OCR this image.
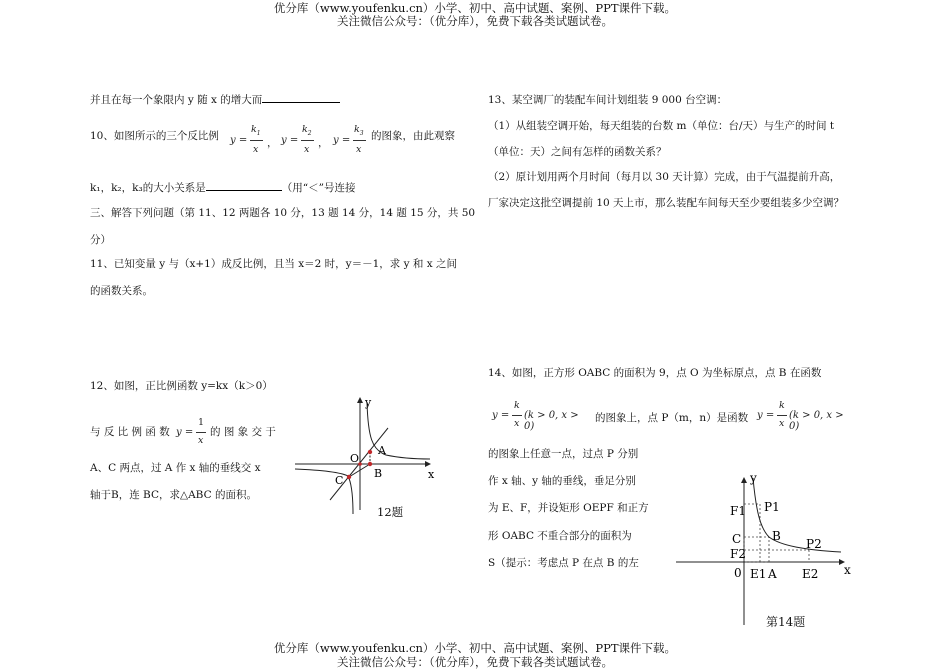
优分库（www.youfenku.cn）小学、初中、高中试题、案例、PPT课件下载。
关注微信公众号：（优分库），免费下载各类试题试卷。
并且在每一个象限内 y 随 x 的增大而
10、如图所示的三个反比例 y =
$k_1$
x
， y =
$k_2$
x
， y =
$k_3$
x
的图象，由此观察
k₁，k₂，k₃的大小关系是	（用“＜”号连接
三、解答下列问题（第 11、12 两题各 10 分，13 题 14 分，14 题 15 分，共 50
分）
11、已知变量 y 与（x+1）成反比例，且当 x＝2 时，y＝－1，求 y 和 x 之间
的函数关系。
12、如图，正比例函数 y=kx（k＞0）
与 反 比 例 函 数 y =
1
x
的 图 象 交 于
A、C 两点，过 A 作 x 轴的垂线交 x
轴于B，连 BC，求△ABC 的面积。
y
x
O
A
B
C
12题
13、某空调厂的装配车间计划组装 9 000 台空调：
（1）从组装空调开始，每天组装的台数 m（单位：台/天）与生产的时间 t
（单位：天）之间有怎样的函数关系？
（2）原计划用两个月时间（每月以 30 天计算）完成，由于气温提前升高，
厂家决定这批空调提前 10 天上市，那么装配车间每天至少要组装多少空调？
14、如图，正方形 OABC 的面积为 9，点 O 为坐标原点，点 B 在函数
y =
k
x
(k > 0, x > 0)
的图象上，点 P（m，n）是函数 y =
k
x
(k > 0, x > 0)
的图象上任意一点，过点 P 分别
作 x 轴、y 轴的垂线，垂足分别
为 E、F，并设矩形 OEPF 和正方
形 OABC 不重合部分的面积为
S（提示：考虑点 P 在点 B 的左
y
x
0
F1 P1
C	B
F2
P2
E1 A E2
第14题
优分库（www.youfenku.cn）小学、初中、高中试题、案例、PPT课件下载。
关注微信公众号：（优分库），免费下载各类试题试卷。
